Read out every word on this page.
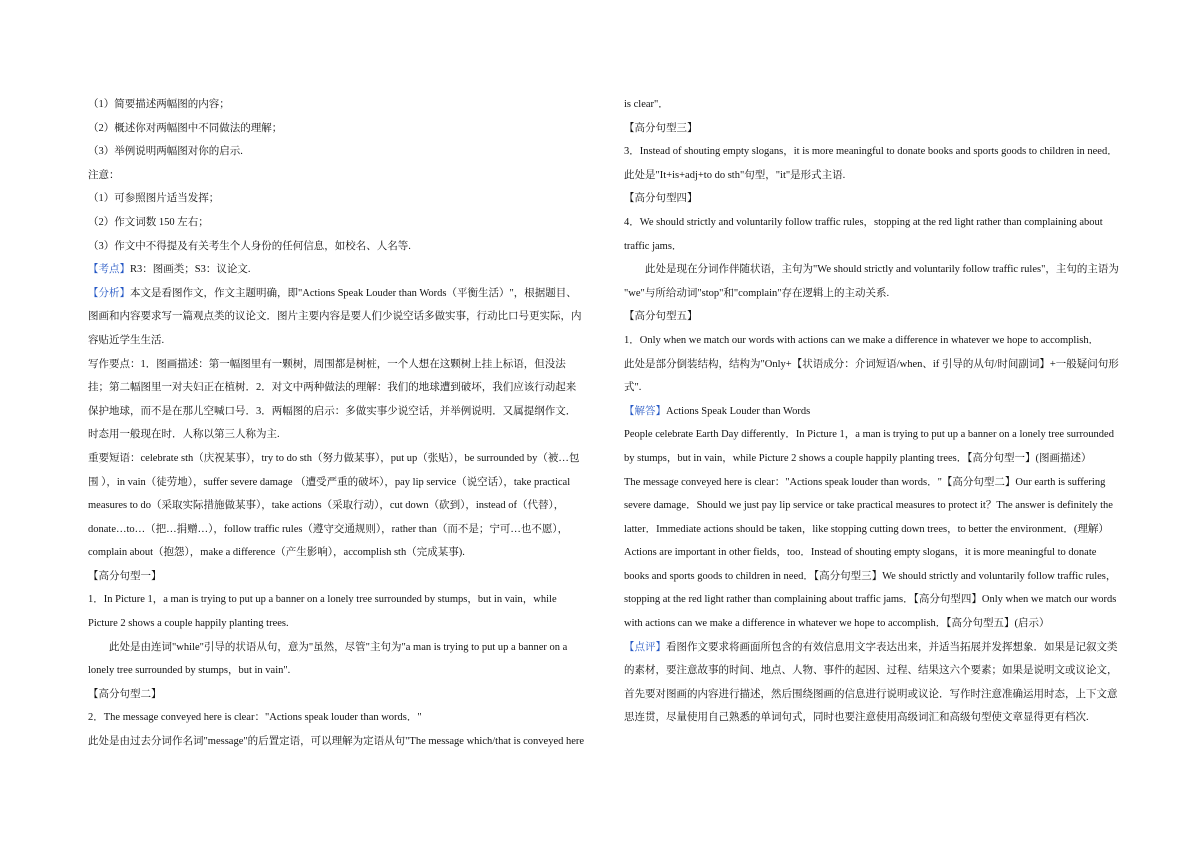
（1）简要描述两幅图的内容；
（2）概述你对两幅图中不同做法的理解；
（3）举例说明两幅图对你的启示.
注意：
（1）可参照图片适当发挥；
（2）作文词数 150 左右；
（3）作文中不得提及有关考生个人身份的任何信息，如校名、人名等.
【考点】R3：图画类；S3：议论文.
【分析】本文是看图作文，作文主题明确，即"Actions Speak Louder than Words（平衡生活）"，根据题目、
图画和内容要求写一篇观点类的议论文．图片主要内容是要人们少说空话多做实事，行动比口号更实际，内
容贴近学生生活.
写作要点：1．图画描述：第一幅图里有一颗树，周围都是树桩，一个人想在这颗树上挂上标语，但没法
挂；第二幅图里一对夫妇正在植树．2．对文中两种做法的理解：我们的地球遭到破坏，我们应该行动起来
保护地球，而不是在那儿空喊口号．3．两幅图的启示：多做实事少说空话，并举例说明．又属提纲作文．
时态用一般现在时．人称以第三人称为主.
重要短语：celebrate sth（庆祝某事），try to do sth（努力做某事），put up（张贴），be surrounded by（被…包
围 ），in vain（徒劳地），suffer severe damage （遭受严重的破坏），pay lip service（说空话），take practical
measures to do（采取实际措施做某事），take actions（采取行动），cut down（砍到），instead of（代替），
donate…to…（把…捐赠…），follow traffic rules（遵守交通规则），rather than（而不是；宁可…也不愿），
complain about（抱怨），make a difference（产生影响），accomplish sth（完成某事).
【高分句型一】
1．In Picture 1，a man is trying to put up a banner on a lonely tree surrounded by stumps，but in vain，while
Picture 2 shows a couple happily planting trees.
此处是由连词"while"引导的状语从句，意为"虽然，尽管"主句为"a man is trying to put up a banner on a
lonely tree surrounded by stumps，but in vain".
【高分句型二】
2．The message conveyed here is clear："Actions speak louder than words．"
此处是由过去分词作名词"message"的后置定语，可以理解为定语从句"The message which/that is conveyed here
is clear"．
【高分句型三】
3．Instead of shouting empty slogans，it is more meaningful to donate books and sports goods to children in need．
此处是"It+is+adj+to do sth"句型，"it"是形式主语.
【高分句型四】
4．We should strictly and voluntarily follow traffic rules，stopping at the red light rather than complaining about
traffic jams．
此处是现在分词作伴随状语，主句为"We should strictly and voluntarily follow traffic rules"，主句的主语为
"we"与所给动词"stop"和"complain"存在逻辑上的主动关系.
【高分句型五】
1．Only when we match our words with actions can we make a difference in whatever we hope to accomplish．
此处是部分倒装结构，结构为"Only+【状语成分：介词短语/when、if 引导的从句/时间副词】+一般疑问句形
式".
【解答】Actions Speak Louder than Words
People celebrate Earth Day differently．In Picture 1，a man is trying to put up a banner on a lonely tree surrounded
by stumps，but in vain，while Picture 2 shows a couple happily planting trees．【高分句型一】(图画描述）
The message conveyed here is clear："Actions speak louder than words．"【高分句型二】Our earth is suffering
severe damage．Should we just pay lip service or take practical measures to protect it？The answer is definitely the
latter．Immediate actions should be taken，like stopping cutting down trees，to better the environment．(理解）
Actions are important in other fields，too．Instead of shouting empty slogans，it is more meaningful to donate
books and sports goods to children in need．【高分句型三】We should strictly and voluntarily follow traffic rules，
stopping at the red light rather than complaining about traffic jams．【高分句型四】Only when we match our words
with actions can we make a difference in whatever we hope to accomplish．【高分句型五】(启示）
【点评】看图作文要求将画面所包含的有效信息用文字表达出来，并适当拓展并发挥想象．如果是记叙文类
的素材，要注意故事的时间、地点、人物、事件的起因、过程、结果这六个要素；如果是说明文或议论文，
首先要对图画的内容进行描述，然后围绕图画的信息进行说明或议论．写作时注意准确运用时态，上下文意
思连贯，尽量使用自己熟悉的单词句式，同时也要注意使用高级词汇和高级句型使文章显得更有档次.
